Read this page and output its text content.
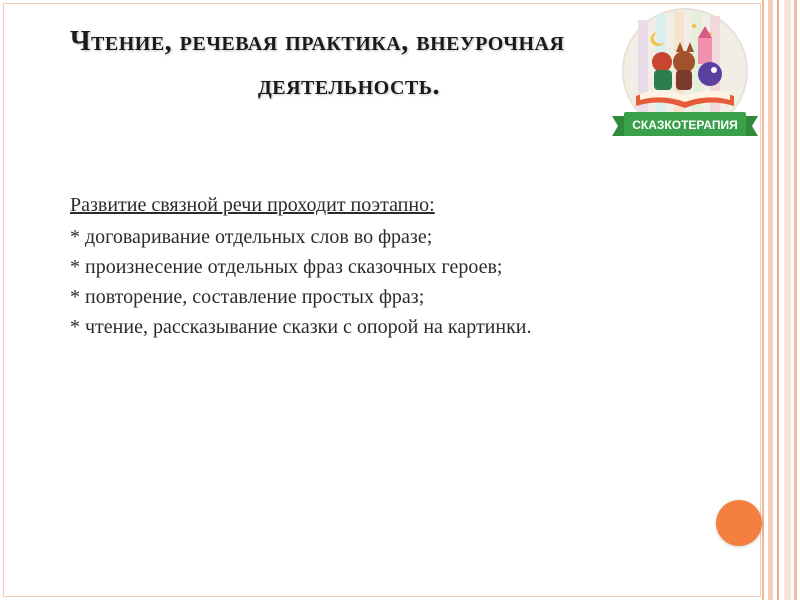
Чтение, речевая практика, внеурочная
деятельность.
СКАЗКОТЕРАПИЯ
Развитие связной речи проходит поэтапно:
* договаривание отдельных слов во фразе;
* произнесение отдельных фраз сказочных героев;
* повторение, составление простых фраз;
* чтение, рассказывание сказки с опорой на картинки.
